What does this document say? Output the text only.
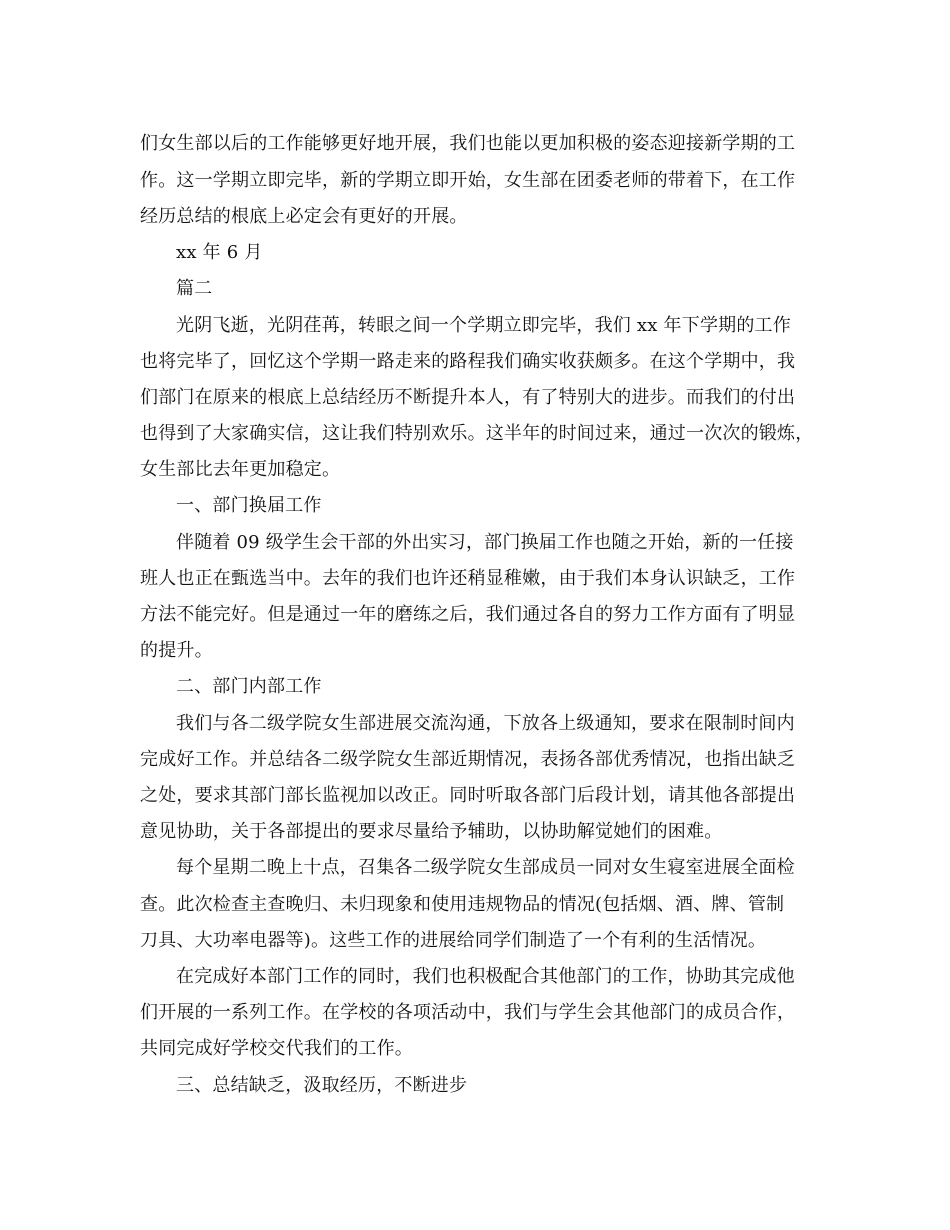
们女生部以后的工作能够更好地开展，我们也能以更加积极的姿态迎接新学期的工
作。这一学期立即完毕，新的学期立即开始，女生部在团委老师的带着下，在工作
经历总结的根底上必定会有更好的开展。
xx 年 6 月
篇二
光阴飞逝，光阴荏苒，转眼之间一个学期立即完毕，我们 xx 年下学期的工作
也将完毕了，回忆这个学期一路走来的路程我们确实收获颇多。在这个学期中，我
们部门在原来的根底上总结经历不断提升本人，有了特别大的进步。而我们的付出
也得到了大家确实信，这让我们特别欢乐。这半年的时间过来，通过一次次的锻炼，
女生部比去年更加稳定。
一、部门换届工作
伴随着 09 级学生会干部的外出实习，部门换届工作也随之开始，新的一任接
班人也正在甄选当中。去年的我们也许还稍显稚嫩，由于我们本身认识缺乏，工作
方法不能完好。但是通过一年的磨练之后，我们通过各自的努力工作方面有了明显
的提升。
二、部门内部工作
我们与各二级学院女生部进展交流沟通，下放各上级通知，要求在限制时间内
完成好工作。并总结各二级学院女生部近期情况，表扬各部优秀情况，也指出缺乏
之处，要求其部门部长监视加以改正。同时听取各部门后段计划，请其他各部提出
意见协助，关于各部提出的要求尽量给予辅助，以协助解觉她们的困难。
每个星期二晚上十点，召集各二级学院女生部成员一同对女生寝室进展全面检
查。此次检查主查晚归、未归现象和使用违规物品的情况(包括烟、酒、牌、管制
刀具、大功率电器等)。这些工作的进展给同学们制造了一个有利的生活情况。
在完成好本部门工作的同时，我们也积极配合其他部门的工作，协助其完成他
们开展的一系列工作。在学校的各项活动中，我们与学生会其他部门的成员合作，
共同完成好学校交代我们的工作。
三、总结缺乏，汲取经历，不断进步
